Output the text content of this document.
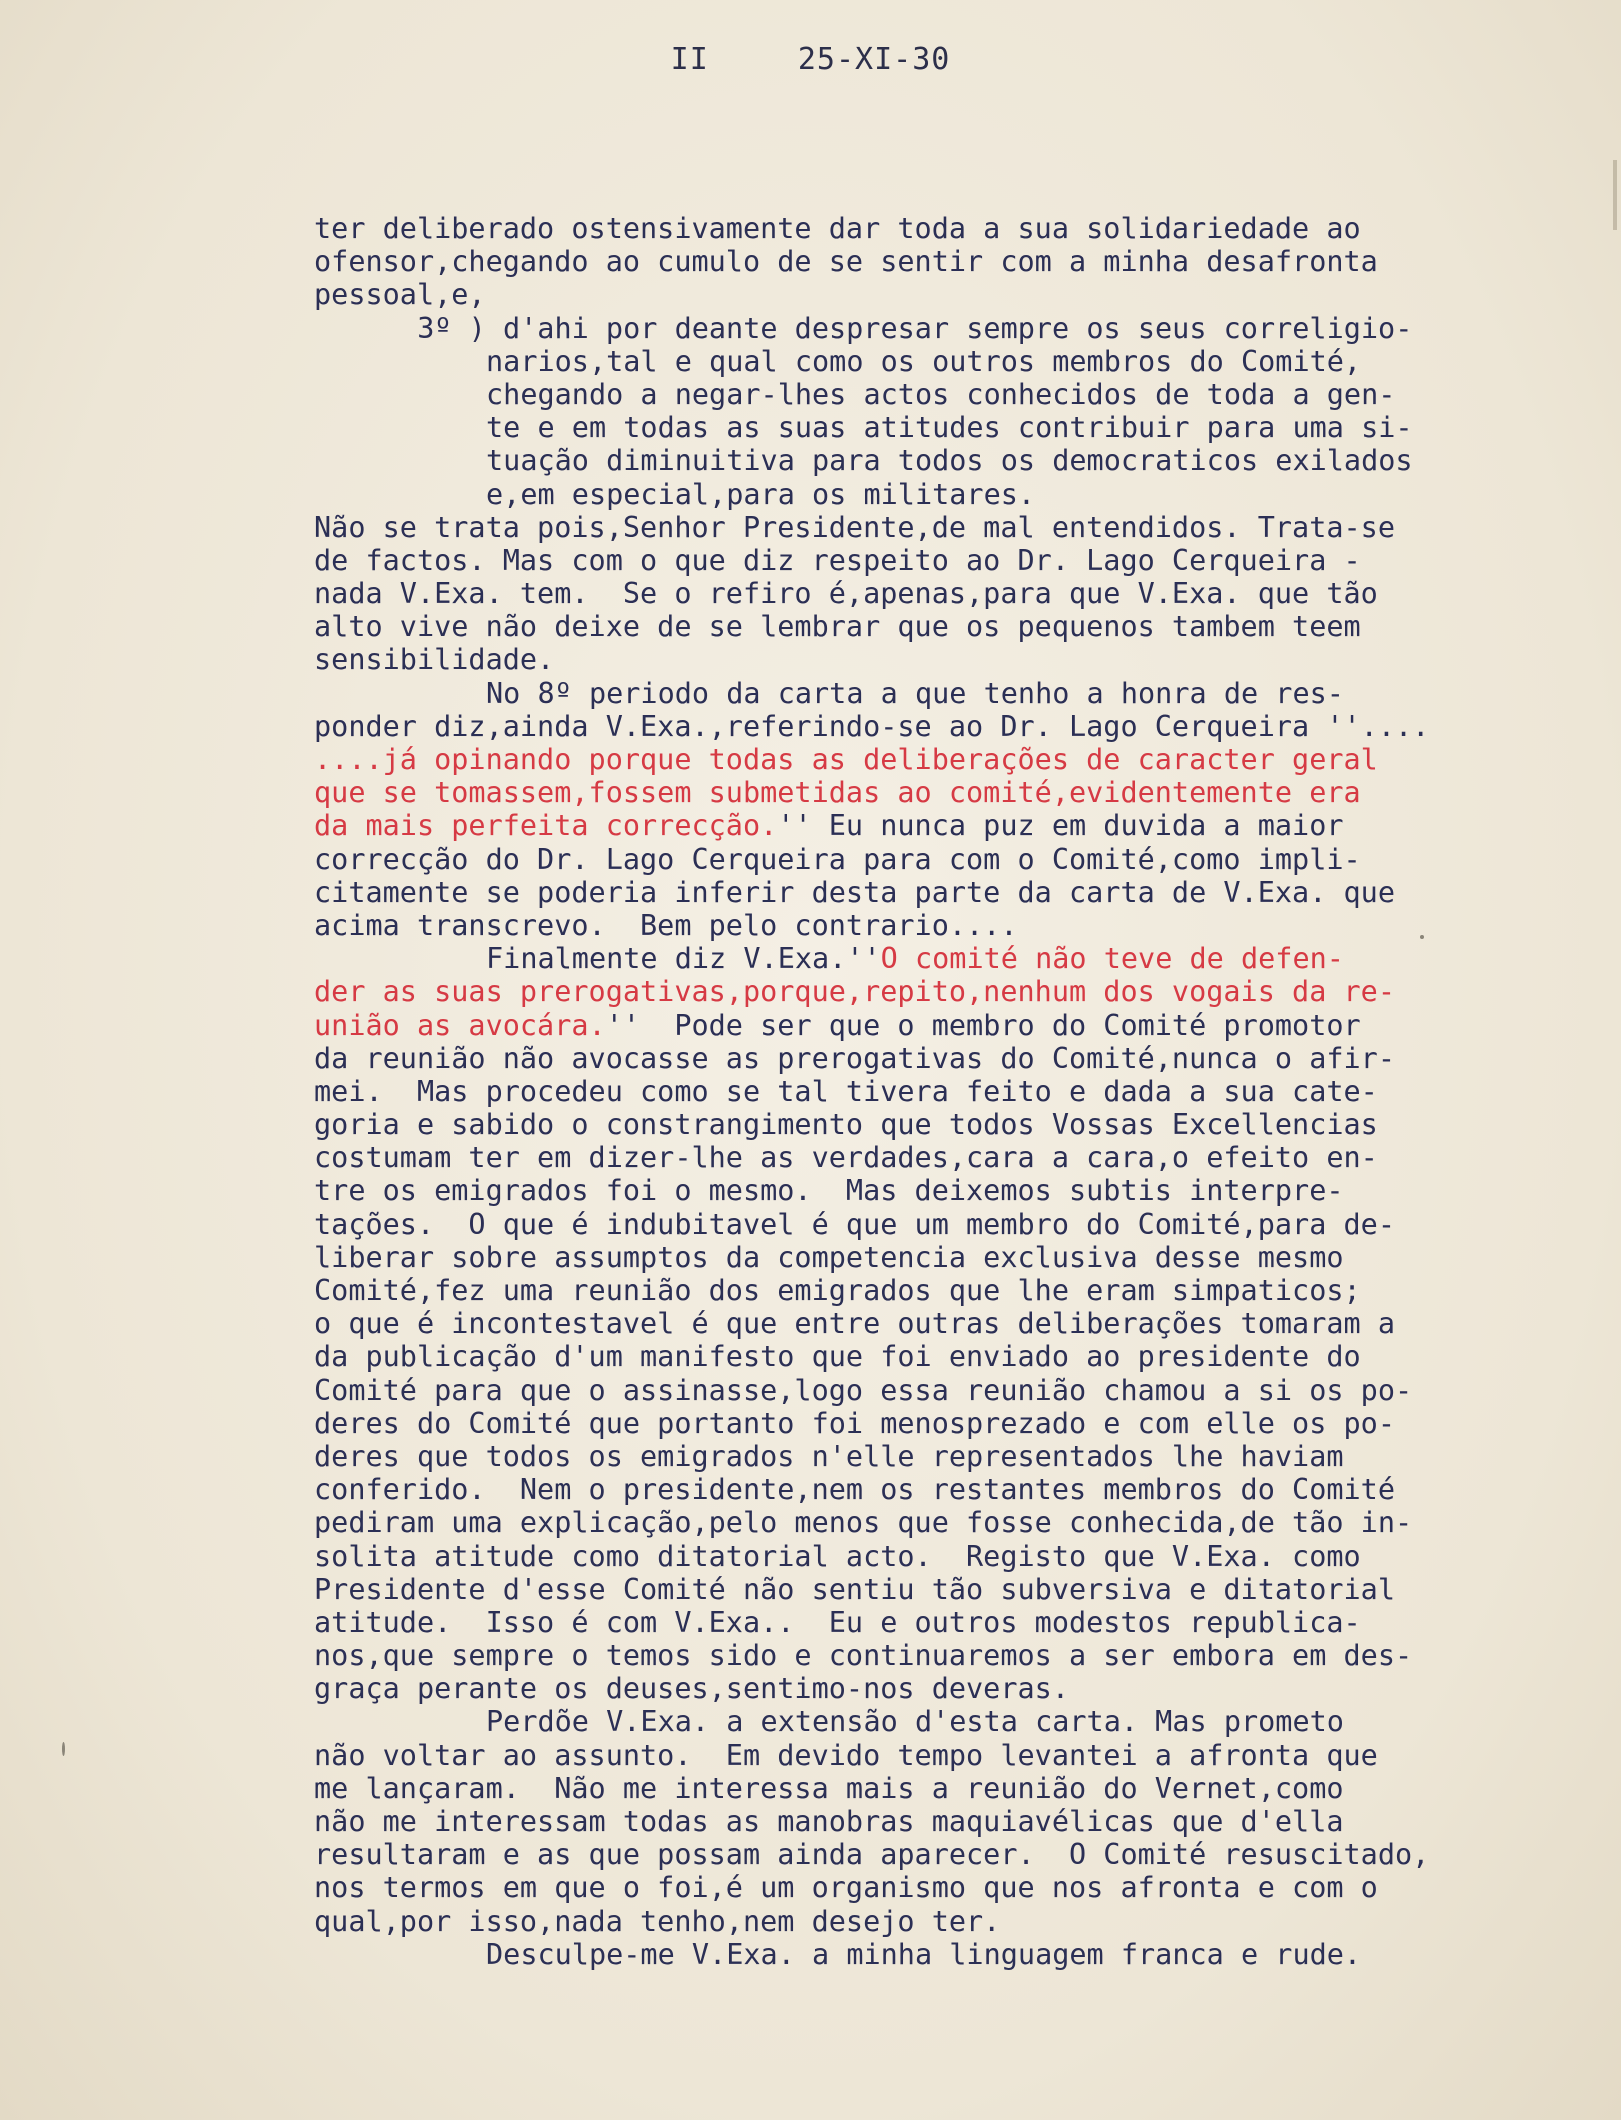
II	25-XI-30
ter deliberado ostensivamente dar toda a sua solidariedade ao
ofensor,chegando ao cumulo de se sentir com a minha desafronta
pessoal,e,
3º ) d'ahi por deante despresar sempre os seus correligio-
narios,tal e qual como os outros membros do Comité,
chegando a negar-lhes actos conhecidos de toda a gen-
te e em todas as suas atitudes contribuir para uma si-
tuação diminuitiva para todos os democraticos exilados
e,em especial,para os militares.
Não se trata pois,Senhor Presidente,de mal entendidos. Trata-se
de factos. Mas com o que diz respeito ao Dr. Lago Cerqueira -
nada V.Exa. tem.  Se o refiro é,apenas,para que V.Exa. que tão
alto vive não deixe de se lembrar que os pequenos tambem teem
sensibilidade.
No 8º periodo da carta a que tenho a honra de res-
ponder diz,ainda V.Exa.,referindo-se ao Dr. Lago Cerqueira ''....
....já opinando porque todas as deliberações de caracter geral
que se tomassem,fossem submetidas ao comité,evidentemente era
da mais perfeita correcção.'' Eu nunca puz em duvida a maior
correcção do Dr. Lago Cerqueira para com o Comité,como impli-
citamente se poderia inferir desta parte da carta de V.Exa. que
acima transcrevo.  Bem pelo contrario....
Finalmente diz V.Exa.''O comité não teve de defen-
der as suas prerogativas,porque,repito,nenhum dos vogais da re-
união as avocára.''  Pode ser que o membro do Comité promotor
da reunião não avocasse as prerogativas do Comité,nunca o afir-
mei.  Mas procedeu como se tal tivera feito e dada a sua cate-
goria e sabido o constrangimento que todos Vossas Excellencias
costumam ter em dizer-lhe as verdades,cara a cara,o efeito en-
tre os emigrados foi o mesmo.  Mas deixemos subtis interpre-
tações.  O que é indubitavel é que um membro do Comité,para de-
liberar sobre assumptos da competencia exclusiva desse mesmo
Comité,fez uma reunião dos emigrados que lhe eram simpaticos;
o que é incontestavel é que entre outras deliberações tomaram a
da publicação d'um manifesto que foi enviado ao presidente do
Comité para que o assinasse,logo essa reunião chamou a si os po-
deres do Comité que portanto foi menosprezado e com elle os po-
deres que todos os emigrados n'elle representados lhe haviam
conferido.  Nem o presidente,nem os restantes membros do Comité
pediram uma explicação,pelo menos que fosse conhecida,de tão in-
solita atitude como ditatorial acto.  Registo que V.Exa. como
Presidente d'esse Comité não sentiu tão subversiva e ditatorial
atitude.  Isso é com V.Exa..  Eu e outros modestos republica-
nos,que sempre o temos sido e continuaremos a ser embora em des-
graça perante os deuses,sentimo-nos deveras.
Perdõe V.Exa. a extensão d'esta carta. Mas prometo
não voltar ao assunto.  Em devido tempo levantei a afronta que
me lançaram.  Não me interessa mais a reunião do Vernet,como
não me interessam todas as manobras maquiavélicas que d'ella
resultaram e as que possam ainda aparecer.  O Comité resuscitado,
nos termos em que o foi,é um organismo que nos afronta e com o
qual,por isso,nada tenho,nem desejo ter.
Desculpe-me V.Exa. a minha linguagem franca e rude.
